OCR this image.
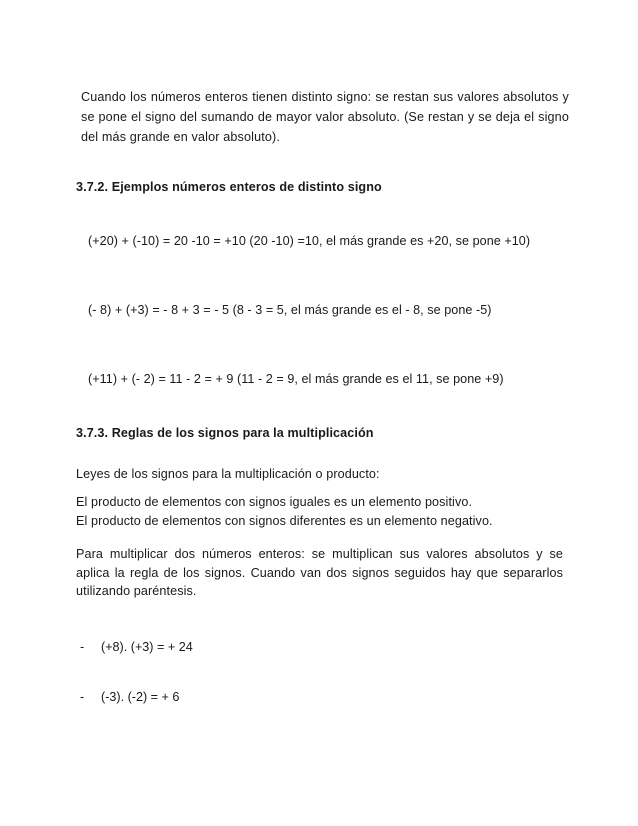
Cuando los números enteros tienen distinto signo: se restan sus valores absolutos y se pone el signo del sumando de mayor valor absoluto. (Se restan y se deja el signo del más grande en valor absoluto).
3.7.2. Ejemplos números enteros de distinto signo
(+20) + (-10) = 20 -10 = +10 (20 -10) =10, el más grande es +20, se pone +10)
(- 8) + (+3) = - 8 + 3 = - 5 (8 - 3 = 5, el más grande es el - 8, se pone -5)
(+11) + (- 2) = 11 - 2 = + 9 (11 - 2 = 9, el más grande es el 11, se pone +9)
3.7.3. Reglas de los signos para la multiplicación
Leyes de los signos para la multiplicación o producto:
El producto de elementos con signos iguales es un elemento positivo.
El producto de elementos con signos diferentes es un elemento negativo.
Para multiplicar dos números enteros: se multiplican sus valores absolutos y se aplica la regla de los signos. Cuando van dos signos seguidos hay que separarlos utilizando paréntesis.
- (+8). (+3) = + 24
- (-3). (-2) = + 6
